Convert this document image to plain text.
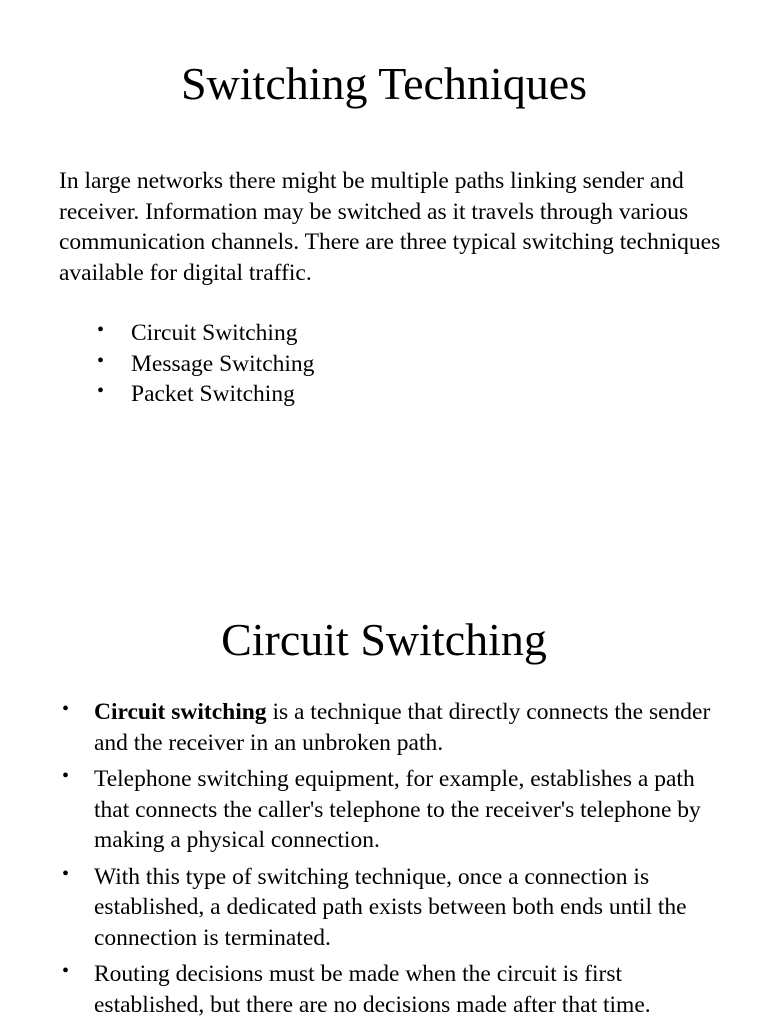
Switching Techniques

In large networks there might be multiple paths linking sender and receiver. Information may be switched as it travels through various communication channels. There are three typical switching techniques available for digital traffic.

• Circuit Switching
• Message Switching
• Packet Switching
Circuit Switching
• Circuit switching is a technique that directly connects the sender and the receiver in an unbroken path.
• Telephone switching equipment, for example, establishes a path that connects the caller's telephone to the receiver's telephone by making a physical connection.
• With this type of switching technique, once a connection is established, a dedicated path exists between both ends until the connection is terminated.
• Routing decisions must be made when the circuit is first established, but there are no decisions made after that time.
